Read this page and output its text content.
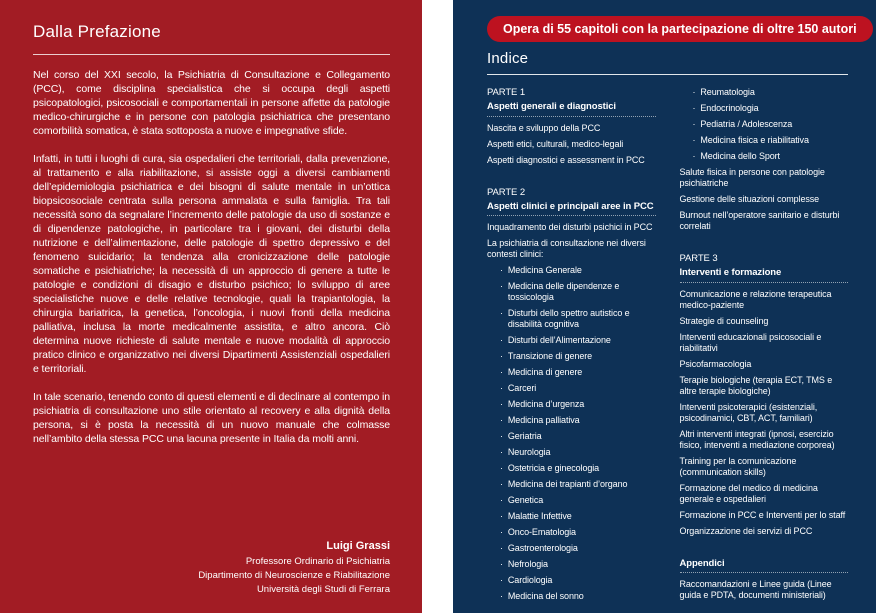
Dalla Prefazione

Nel corso del XXI secolo, la Psichiatria di Consultazione e Collegamento (PCC), come disciplina specialistica che si occupa degli aspetti psicopatologici, psicosociali e comportamentali in persone affette da patologie medico-chirurgiche e in persone con patologia psichiatrica che presentano comorbilità somatica, è stata sottoposta a nuove e impegnative sfide.

Infatti, in tutti i luoghi di cura, sia ospedalieri che territoriali, dalla prevenzione, al trattamento e alla riabilitazione, si assiste oggi a diversi cambiamenti dell’epidemiologia psichiatrica e dei bisogni di salute mentale in un’ottica biopsicosociale centrata sulla persona ammalata e sulla famiglia. Tra tali necessità sono da segnalare l’incremento delle patologie da uso di sostanze e di dipendenze patologiche, in particolare tra i giovani, dei disturbi della nutrizione e dell’alimentazione, delle patologie di spettro depressivo e del fenomeno suicidario; la tendenza alla cronicizzazione delle patologie somatiche e psichiatriche; la necessità di un approccio di genere a tutte le patologie e condizioni di disagio e disturbo psichico; lo sviluppo di aree specialistiche nuove e delle relative tecnologie, quali la trapiantologia, la chirurgia bariatrica, la genetica, l’oncologia, i nuovi fronti della medicina palliativa, inclusa la morte medicalmente assistita, e altro ancora. Ciò determina nuove richieste di salute mentale e nuove modalità di approccio pratico clinico e organizzativo nei diversi Dipartimenti Assistenziali ospedalieri e territoriali.

In tale scenario, tenendo conto di questi elementi e di declinare al contempo in psichiatria di consultazione uno stile orientato al recovery e alla dignità della persona, si è posta la necessità di un nuovo manuale che colmasse nell’ambito della stessa PCC una lacuna presente in Italia da molti anni.

Luigi Grassi
Professore Ordinario di Psichiatria
Dipartimento di Neuroscienze e Riabilitazione
Università degli Studi di Ferrara
Opera di 55 capitoli con la partecipazione di oltre 150 autori
Indice
PARTE 1
Aspetti generali e diagnostici
Nascita e sviluppo della PCC
Aspetti etici, culturali, medico-legali
Aspetti diagnostici e assessment in PCC
PARTE 2
Aspetti clinici e principali aree in PCC
Inquadramento dei disturbi psichici in PCC
La psichiatria di consultazione nei diversi contesti clinici:
· Medicina Generale
· Medicina delle dipendenze e tossicologia
· Disturbi dello spettro autistico e disabilità cognitiva
· Disturbi dell’Alimentazione
· Transizione di genere
· Medicina di genere
· Carceri
· Medicina d’urgenza
· Medicina palliativa
· Geriatria
· Neurologia
· Ostetricia e ginecologia
· Medicina dei trapianti d’organo
· Genetica
· Malattie Infettive
· Onco-Ematologia
· Gastroenterologia
· Nefrologia
· Cardiologia
· Medicina del sonno
· Reumatologia
· Endocrinologia
· Pediatria / Adolescenza
· Medicina fisica e riabilitativa
· Medicina dello Sport
Salute fisica in persone con patologie psichiatriche
Gestione delle situazioni complesse
Burnout nell’operatore sanitario e disturbi correlati
PARTE 3
Interventi e formazione
Comunicazione e relazione terapeutica medico-paziente
Strategie di counseling
Interventi educazionali psicosociali e riabilitativi
Psicofarmacologia
Terapie biologiche (terapia ECT, TMS e altre terapie biologiche)
Interventi psicoterapici (esistenziali, psicodinamici, CBT, ACT, familiari)
Altri interventi integrati (ipnosi, esercizio fisico, interventi a mediazione corporea)
Training per la comunicazione (communication skills)
Formazione del medico di medicina generale e ospedalieri
Formazione in PCC e Interventi per lo staff
Organizzazione dei servizi di PCC
Appendici
Raccomandazioni e Linee guida (Linee guida e PDTA, documenti ministeriali)
